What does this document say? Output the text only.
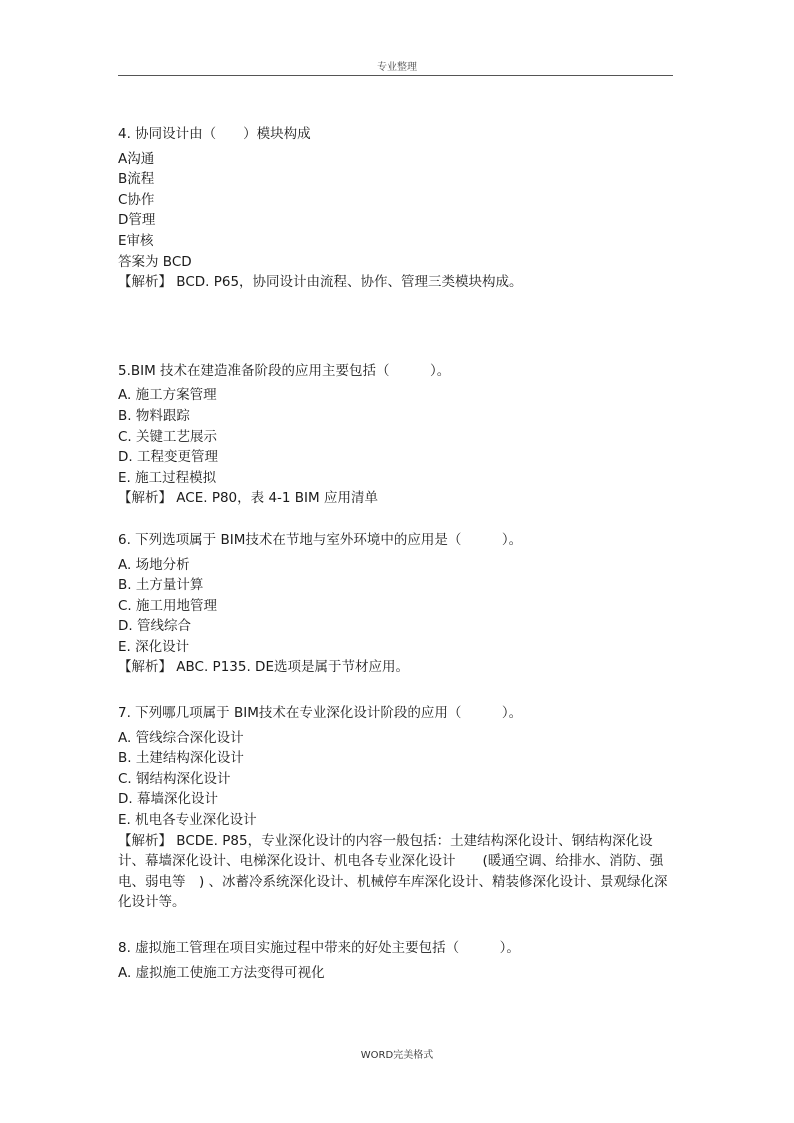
专业整理
4. 协同设计由（　　）模块构成
A沟通
B流程
C协作
D管理
E审核
答案为 BCD
【解析】 BCD. P65，协同设计由流程、协作、管理三类模块构成。
5.BIM 技术在建造准备阶段的应用主要包括（　　　）。
A. 施工方案管理
B. 物料跟踪
C. 关键工艺展示
D. 工程变更管理
E. 施工过程模拟
【解析】 ACE. P80，表 4-1 BIM 应用清单
6. 下列选项属于 BIM技术在节地与室外环境中的应用是（　　　）。
A. 场地分析
B. 土方量计算
C. 施工用地管理
D. 管线综合
E. 深化设计
【解析】 ABC. P135. DE选项是属于节材应用。
7. 下列哪几项属于 BIM技术在专业深化设计阶段的应用（　　　）。
A. 管线综合深化设计
B. 土建结构深化设计
C. 钢结构深化设计
D. 幕墙深化设计
E. 机电各专业深化设计
【解析】 BCDE. P85，专业深化设计的内容一般包括：土建结构深化设计、钢结构深化设计、幕墙深化设计、电梯深化设计、机电各专业深化设计　　(暖通空调、给排水、消防、强电、弱电等　) 、冰蓄冷系统深化设计、机械停车库深化设计、精装修深化设计、景观绿化深化设计等。
8. 虚拟施工管理在项目实施过程中带来的好处主要包括（　　　）。
A. 虚拟施工使施工方法变得可视化
WORD完美格式
